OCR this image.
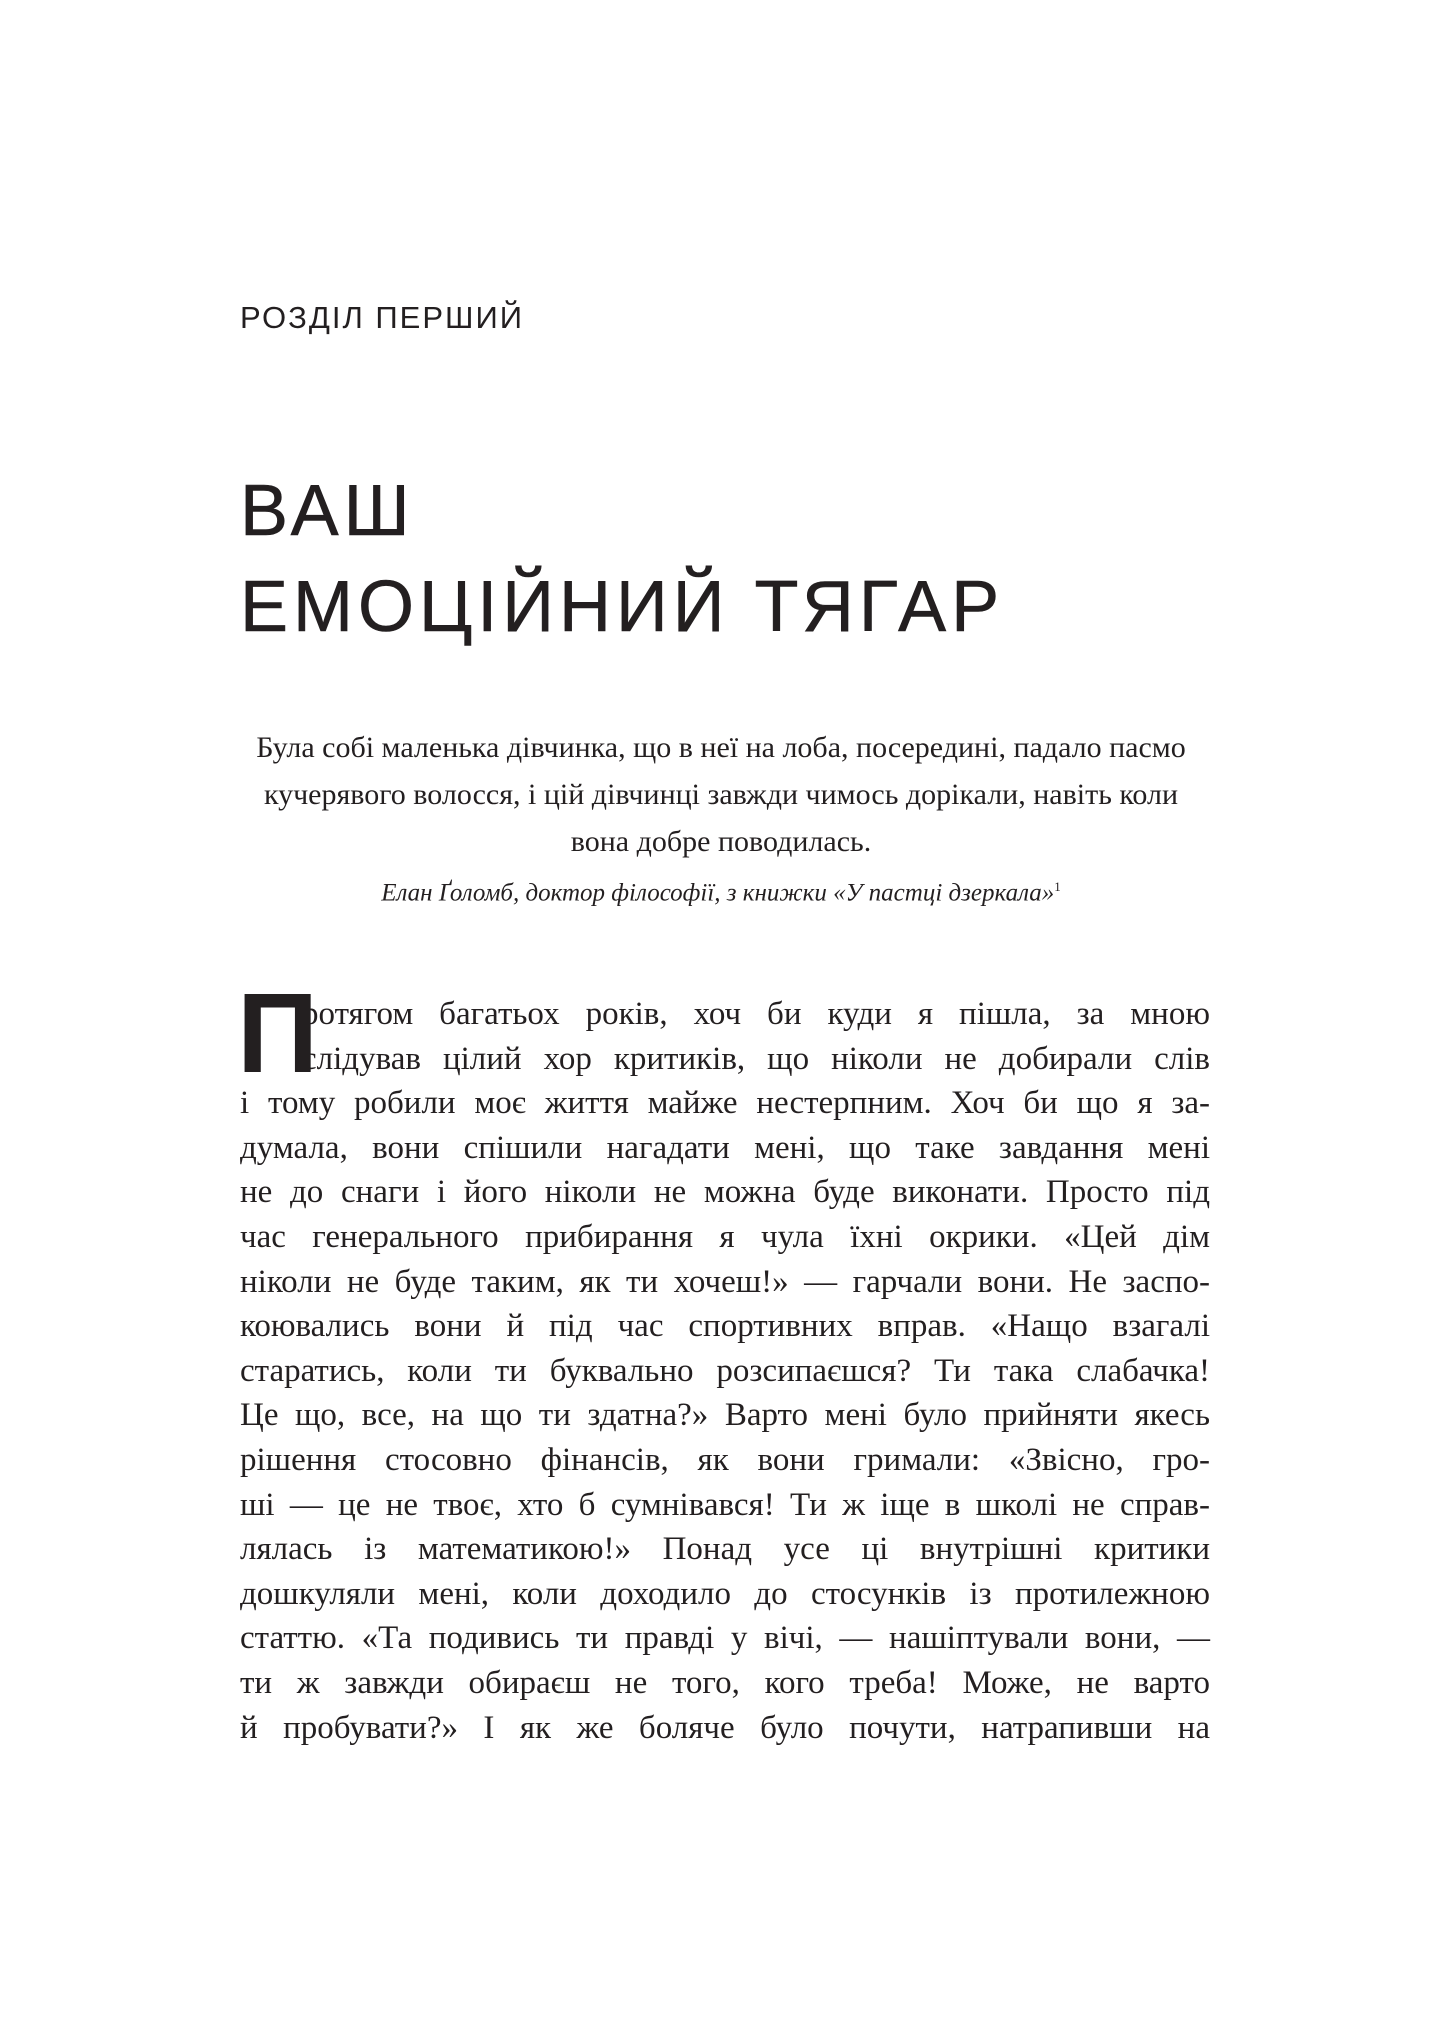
РОЗДІЛ ПЕРШИЙ
ВАШ
ЕМОЦІЙНИЙ ТЯГАР
Була собі маленька дівчинка, що в неї на лоба, посередині, падало пасмо
кучерявого волосся, і цій дівчинці завжди чимось дорікали, навіть коли
вона добре поводилась.
Елан Ґоломб, доктор філософії, з книжки «У пастці дзеркала»$^1$
ротягом багатьох років, хоч би куди я пішла, за мною
слідував цілий хор критиків, що ніколи не добирали слів
і тому робили моє життя майже нестерпним. Хоч би що я за-
думала, вони спішили нагадати мені, що таке завдання мені
не до снаги і його ніколи не можна буде виконати. Просто під
час генерального прибирання я чула їхні окрики. «Цей дім
ніколи не буде таким, як ти хочеш!» — гарчали вони. Не заспо-
коювались вони й під час спортивних вправ. «Нащо взагалі
старатись, коли ти буквально розсипаєшся? Ти така слабачка!
Це що, все, на що ти здатна?» Варто мені було прийняти якесь
рішення стосовно фінансів, як вони гримали: «Звісно, гро-
ші — це не твоє, хто б сумнівався! Ти ж іще в школі не справ-
лялась із математикою!» Понад усе ці внутрішні критики
дошкуляли мені, коли доходило до стосунків із протилежною
статтю. «Та подивись ти правді у вічі, — нашіптували вони, —
ти ж завжди обираєш не того, кого треба! Може, не варто
й пробувати?» І як же боляче було почути, натрапивши на
П
